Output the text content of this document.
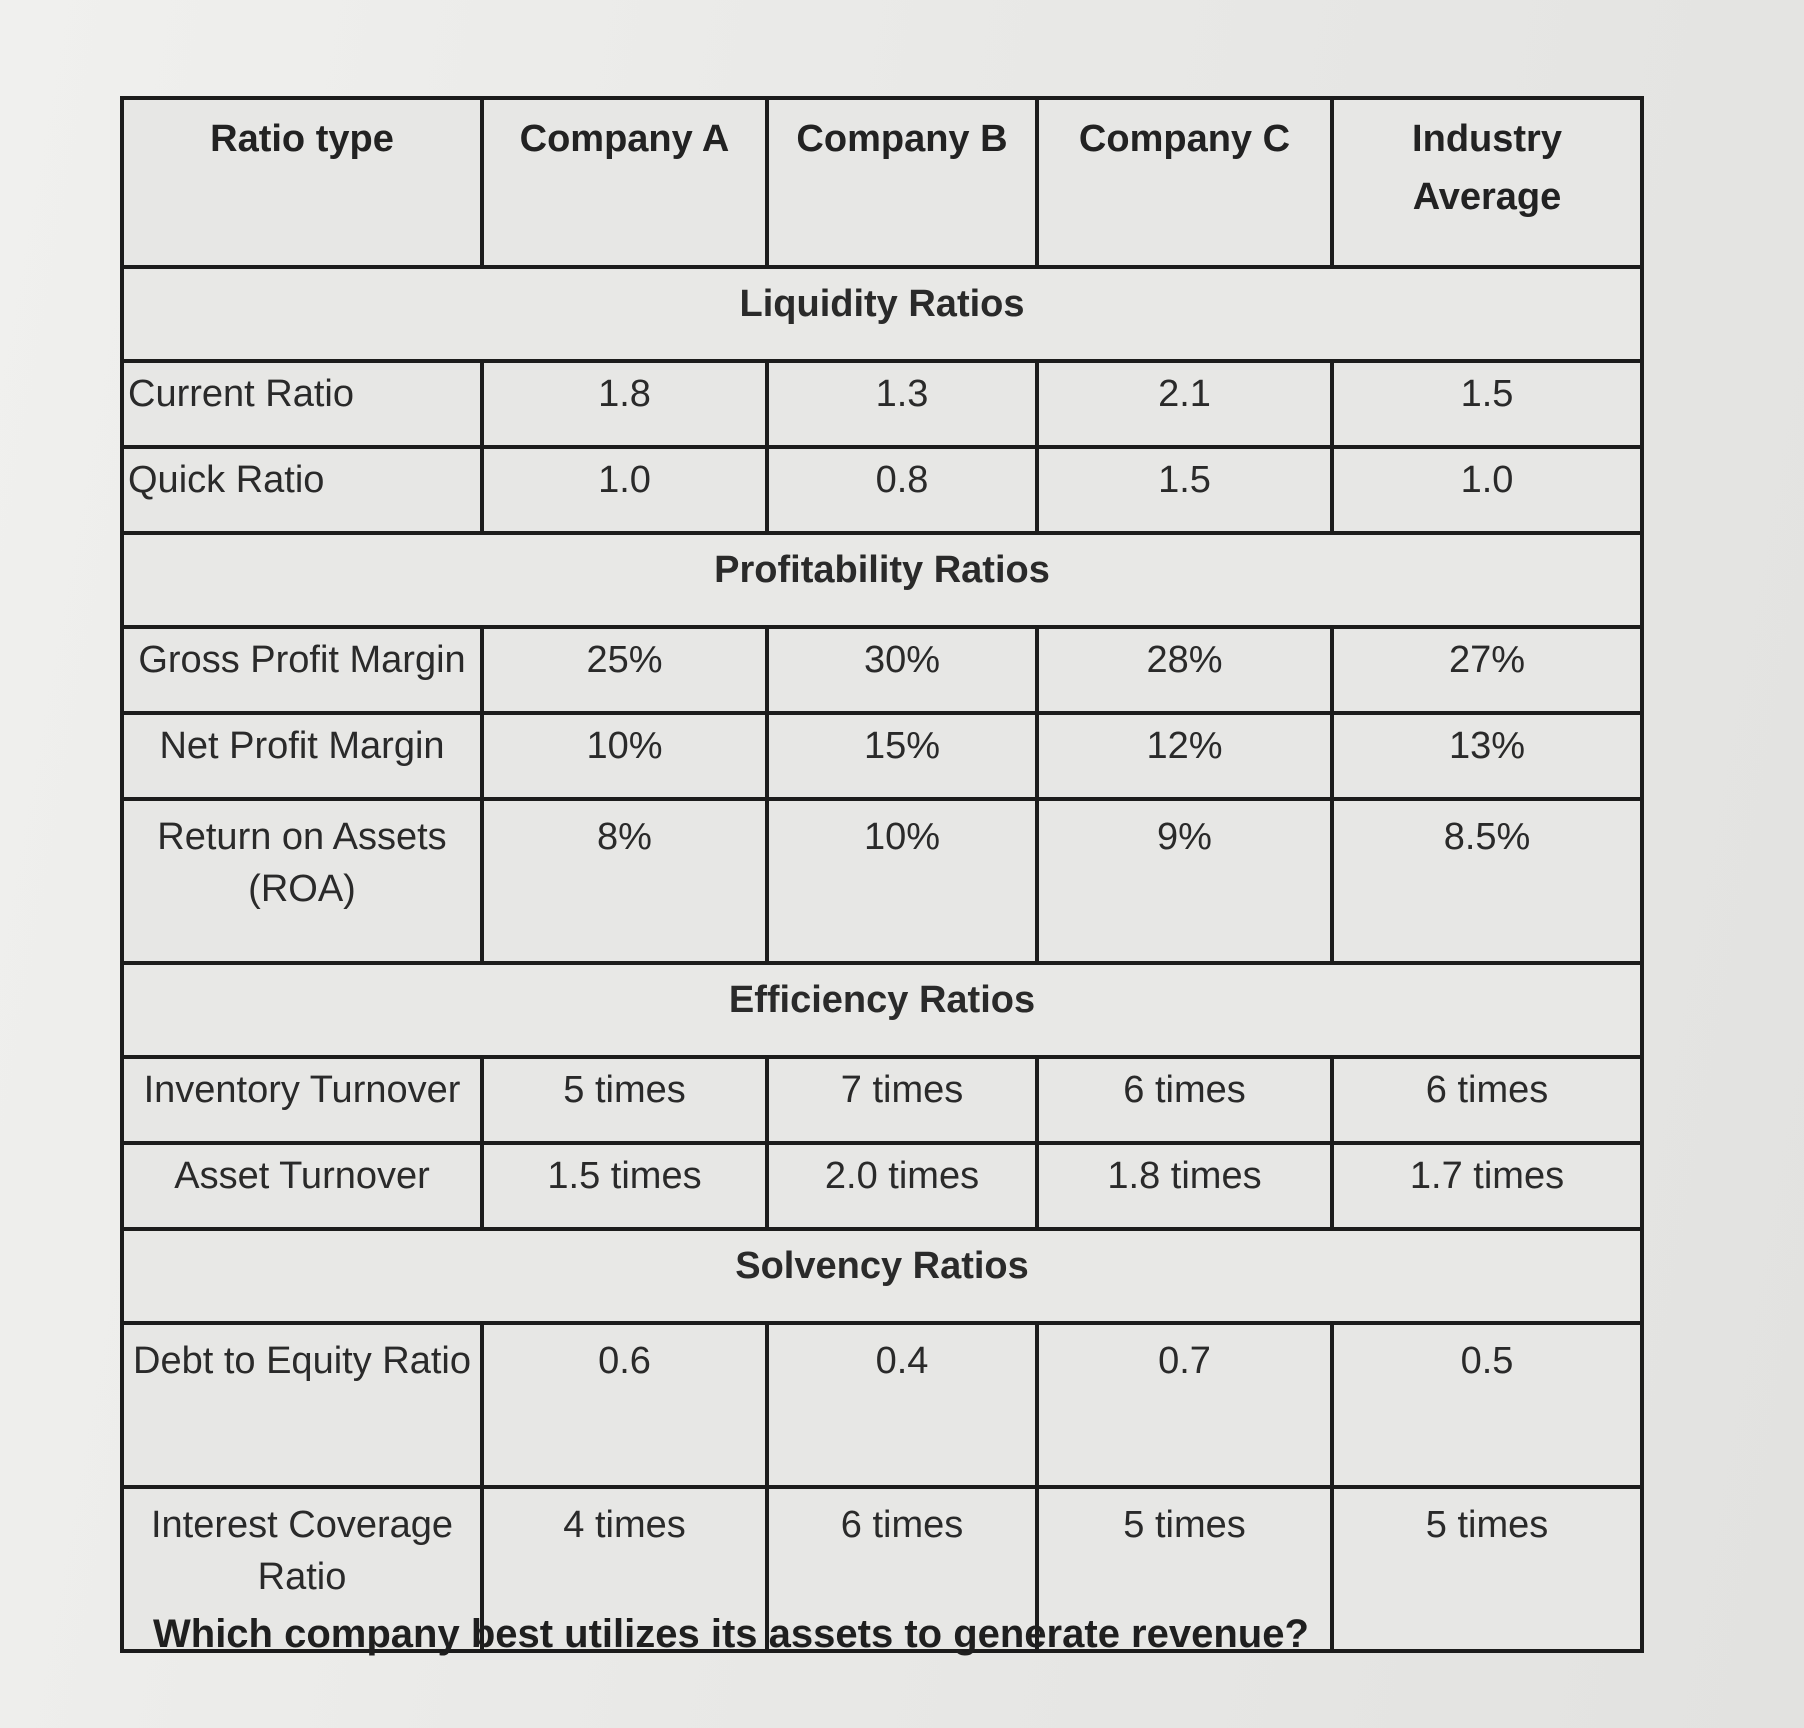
Ratio type	Company A	Company B	Company C	Industry Average
Liquidity Ratios				
Current Ratio	1.8	1.3	2.1	1.5
Quick Ratio	1.0	0.8	1.5	1.0
Profitability Ratios				
Gross Profit Margin	25%	30%	28%	27%
Net Profit Margin	10%	15%	12%	13%
Return on Assets (ROA)	8%	10%	9%	8.5%
Efficiency Ratios				
Inventory Turnover	5 times	7 times	6 times	6 times
Asset Turnover	1.5 times	2.0 times	1.8 times	1.7 times
Solvency Ratios				
Debt to Equity Ratio	0.6	0.4	0.7	0.5
Interest Coverage Ratio	4 times	6 times	5 times	5 times
Which company best utilizes its assets to generate revenue?
